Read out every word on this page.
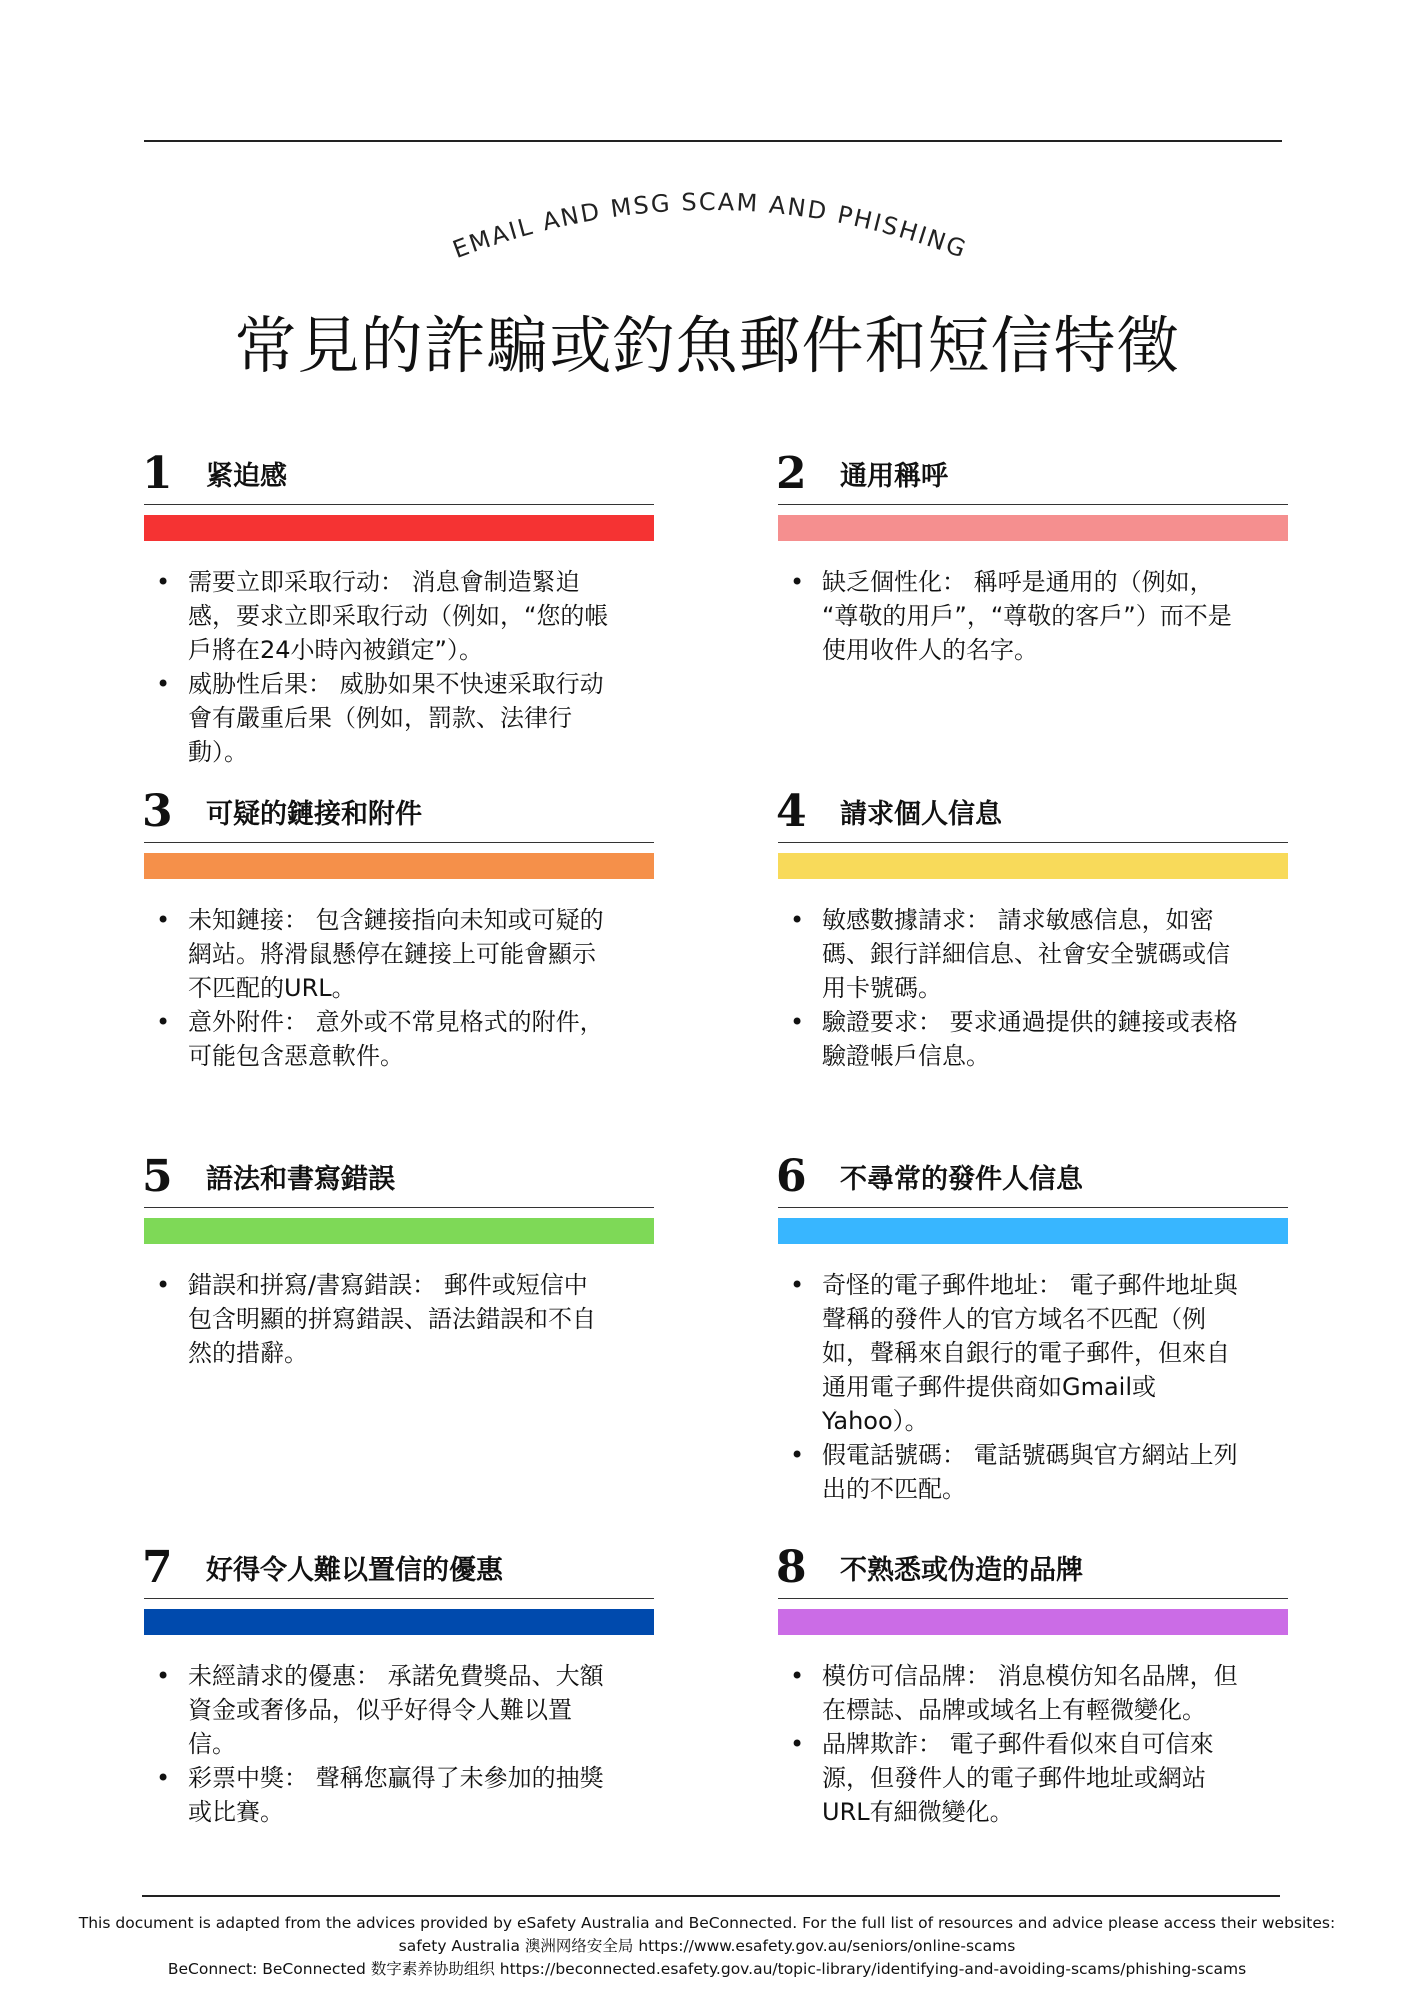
EMAIL AND MSG SCAM AND PHISHING
常見的詐騙或釣魚郵件和短信特徵
1 紧迫感
• 需要立即采取行动： 消息會制造緊迫
感，要求立即采取行动（例如，“您的帳
戶將在24小時內被鎖定”）。
• 威胁性后果： 威胁如果不快速采取行动
會有嚴重后果（例如，罰款、法律行
動）。
2 通用稱呼
• 缺乏個性化： 稱呼是通用的（例如，
“尊敬的用戶”，“尊敬的客戶”）而不是
使用收件人的名字。
3 可疑的鏈接和附件
• 未知鏈接： 包含鏈接指向未知或可疑的
網站。將滑鼠懸停在鏈接上可能會顯示
不匹配的URL。
• 意外附件： 意外或不常見格式的附件，
可能包含惡意軟件。
4 請求個人信息
• 敏感數據請求： 請求敏感信息，如密
碼、銀行詳細信息、社會安全號碼或信
用卡號碼。
• 驗證要求： 要求通過提供的鏈接或表格
驗證帳戶信息。
5 語法和書寫錯誤
• 錯誤和拼寫/書寫錯誤： 郵件或短信中
包含明顯的拼寫錯誤、語法錯誤和不自
然的措辭。
6 不尋常的發件人信息
• 奇怪的電子郵件地址： 電子郵件地址與
聲稱的發件人的官方域名不匹配（例
如，聲稱來自銀行的電子郵件，但來自
通用電子郵件提供商如Gmail或
Yahoo）。
• 假電話號碼： 電話號碼與官方網站上列
出的不匹配。
7 好得令人難以置信的優惠
• 未經請求的優惠： 承諾免費獎品、大額
資金或奢侈品，似乎好得令人難以置
信。
• 彩票中獎： 聲稱您贏得了未參加的抽獎
或比賽。
8 不熟悉或伪造的品牌
• 模仿可信品牌： 消息模仿知名品牌，但
在標誌、品牌或域名上有輕微變化。
• 品牌欺詐： 電子郵件看似來自可信來
源，但發件人的電子郵件地址或網站
URL有細微變化。
This document is adapted from the advices provided by eSafety Australia and BeConnected. For the full list of resources and advice please access their websites:
safety Australia 澳洲网络安全局 https://www.esafety.gov.au/seniors/online-scams
BeConnect: BeConnected 数字素养协助组织 https://beconnected.esafety.gov.au/topic-library/identifying-and-avoiding-scams/phishing-scams
